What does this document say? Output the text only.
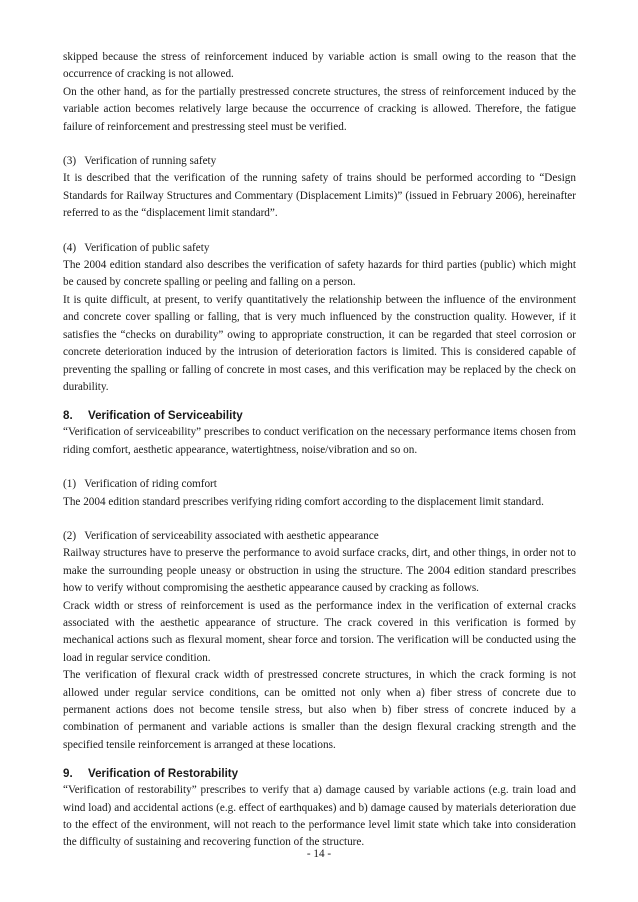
skipped because the stress of reinforcement induced by variable action is small owing to the reason that the occurrence of cracking is not allowed.

On the other hand, as for the partially prestressed concrete structures, the stress of reinforcement induced by the variable action becomes relatively large because the occurrence of cracking is allowed. Therefore, the fatigue failure of reinforcement and prestressing steel must be verified.

(3)   Verification of running safety

It is described that the verification of the running safety of trains should be performed according to “Design Standards for Railway Structures and Commentary (Displacement Limits)” (issued in February 2006), hereinafter referred to as the “displacement limit standard”.

(4)   Verification of public safety

The 2004 edition standard also describes the verification of safety hazards for third parties (public) which might be caused by concrete spalling or peeling and falling on a person.

It is quite difficult, at present, to verify quantitatively the relationship between the influence of the environment and concrete cover spalling or falling, that is very much influenced by the construction quality. However, if it satisfies the “checks on durability” owing to appropriate construction, it can be regarded that steel corrosion or concrete deterioration induced by the intrusion of deterioration factors is limited. This is considered capable of preventing the spalling or falling of concrete in most cases, and this verification may be replaced by the check on durability.

8. Verification of Serviceability

“Verification of serviceability” prescribes to conduct verification on the necessary performance items chosen from riding comfort, aesthetic appearance, watertightness, noise/vibration and so on.

(1)   Verification of riding comfort

The 2004 edition standard prescribes verifying riding comfort according to the displacement limit standard.

(2)   Verification of serviceability associated with aesthetic appearance

Railway structures have to preserve the performance to avoid surface cracks, dirt, and other things, in order not to make the surrounding people uneasy or obstruction in using the structure. The 2004 edition standard prescribes how to verify without compromising the aesthetic appearance caused by cracking as follows.

Crack width or stress of reinforcement is used as the performance index in the verification of external cracks associated with the aesthetic appearance of structure. The crack covered in this verification is formed by mechanical actions such as flexural moment, shear force and torsion. The verification will be conducted using the load in regular service condition.

The verification of flexural crack width of prestressed concrete structures, in which the crack forming is not allowed under regular service conditions, can be omitted not only when a) fiber stress of concrete due to permanent actions does not become tensile stress, but also when b) fiber stress of concrete induced by a combination of permanent and variable actions is smaller than the design flexural cracking strength and the specified tensile reinforcement is arranged at these locations.

9. Verification of Restorability

“Verification of restorability” prescribes to verify that a) damage caused by variable actions (e.g. train load and wind load) and accidental actions (e.g. effect of earthquakes) and b) damage caused by materials deterioration due to the effect of the environment, will not reach to the performance level limit state which take into consideration the difficulty of sustaining and recovering function of the structure.

- 14 -
